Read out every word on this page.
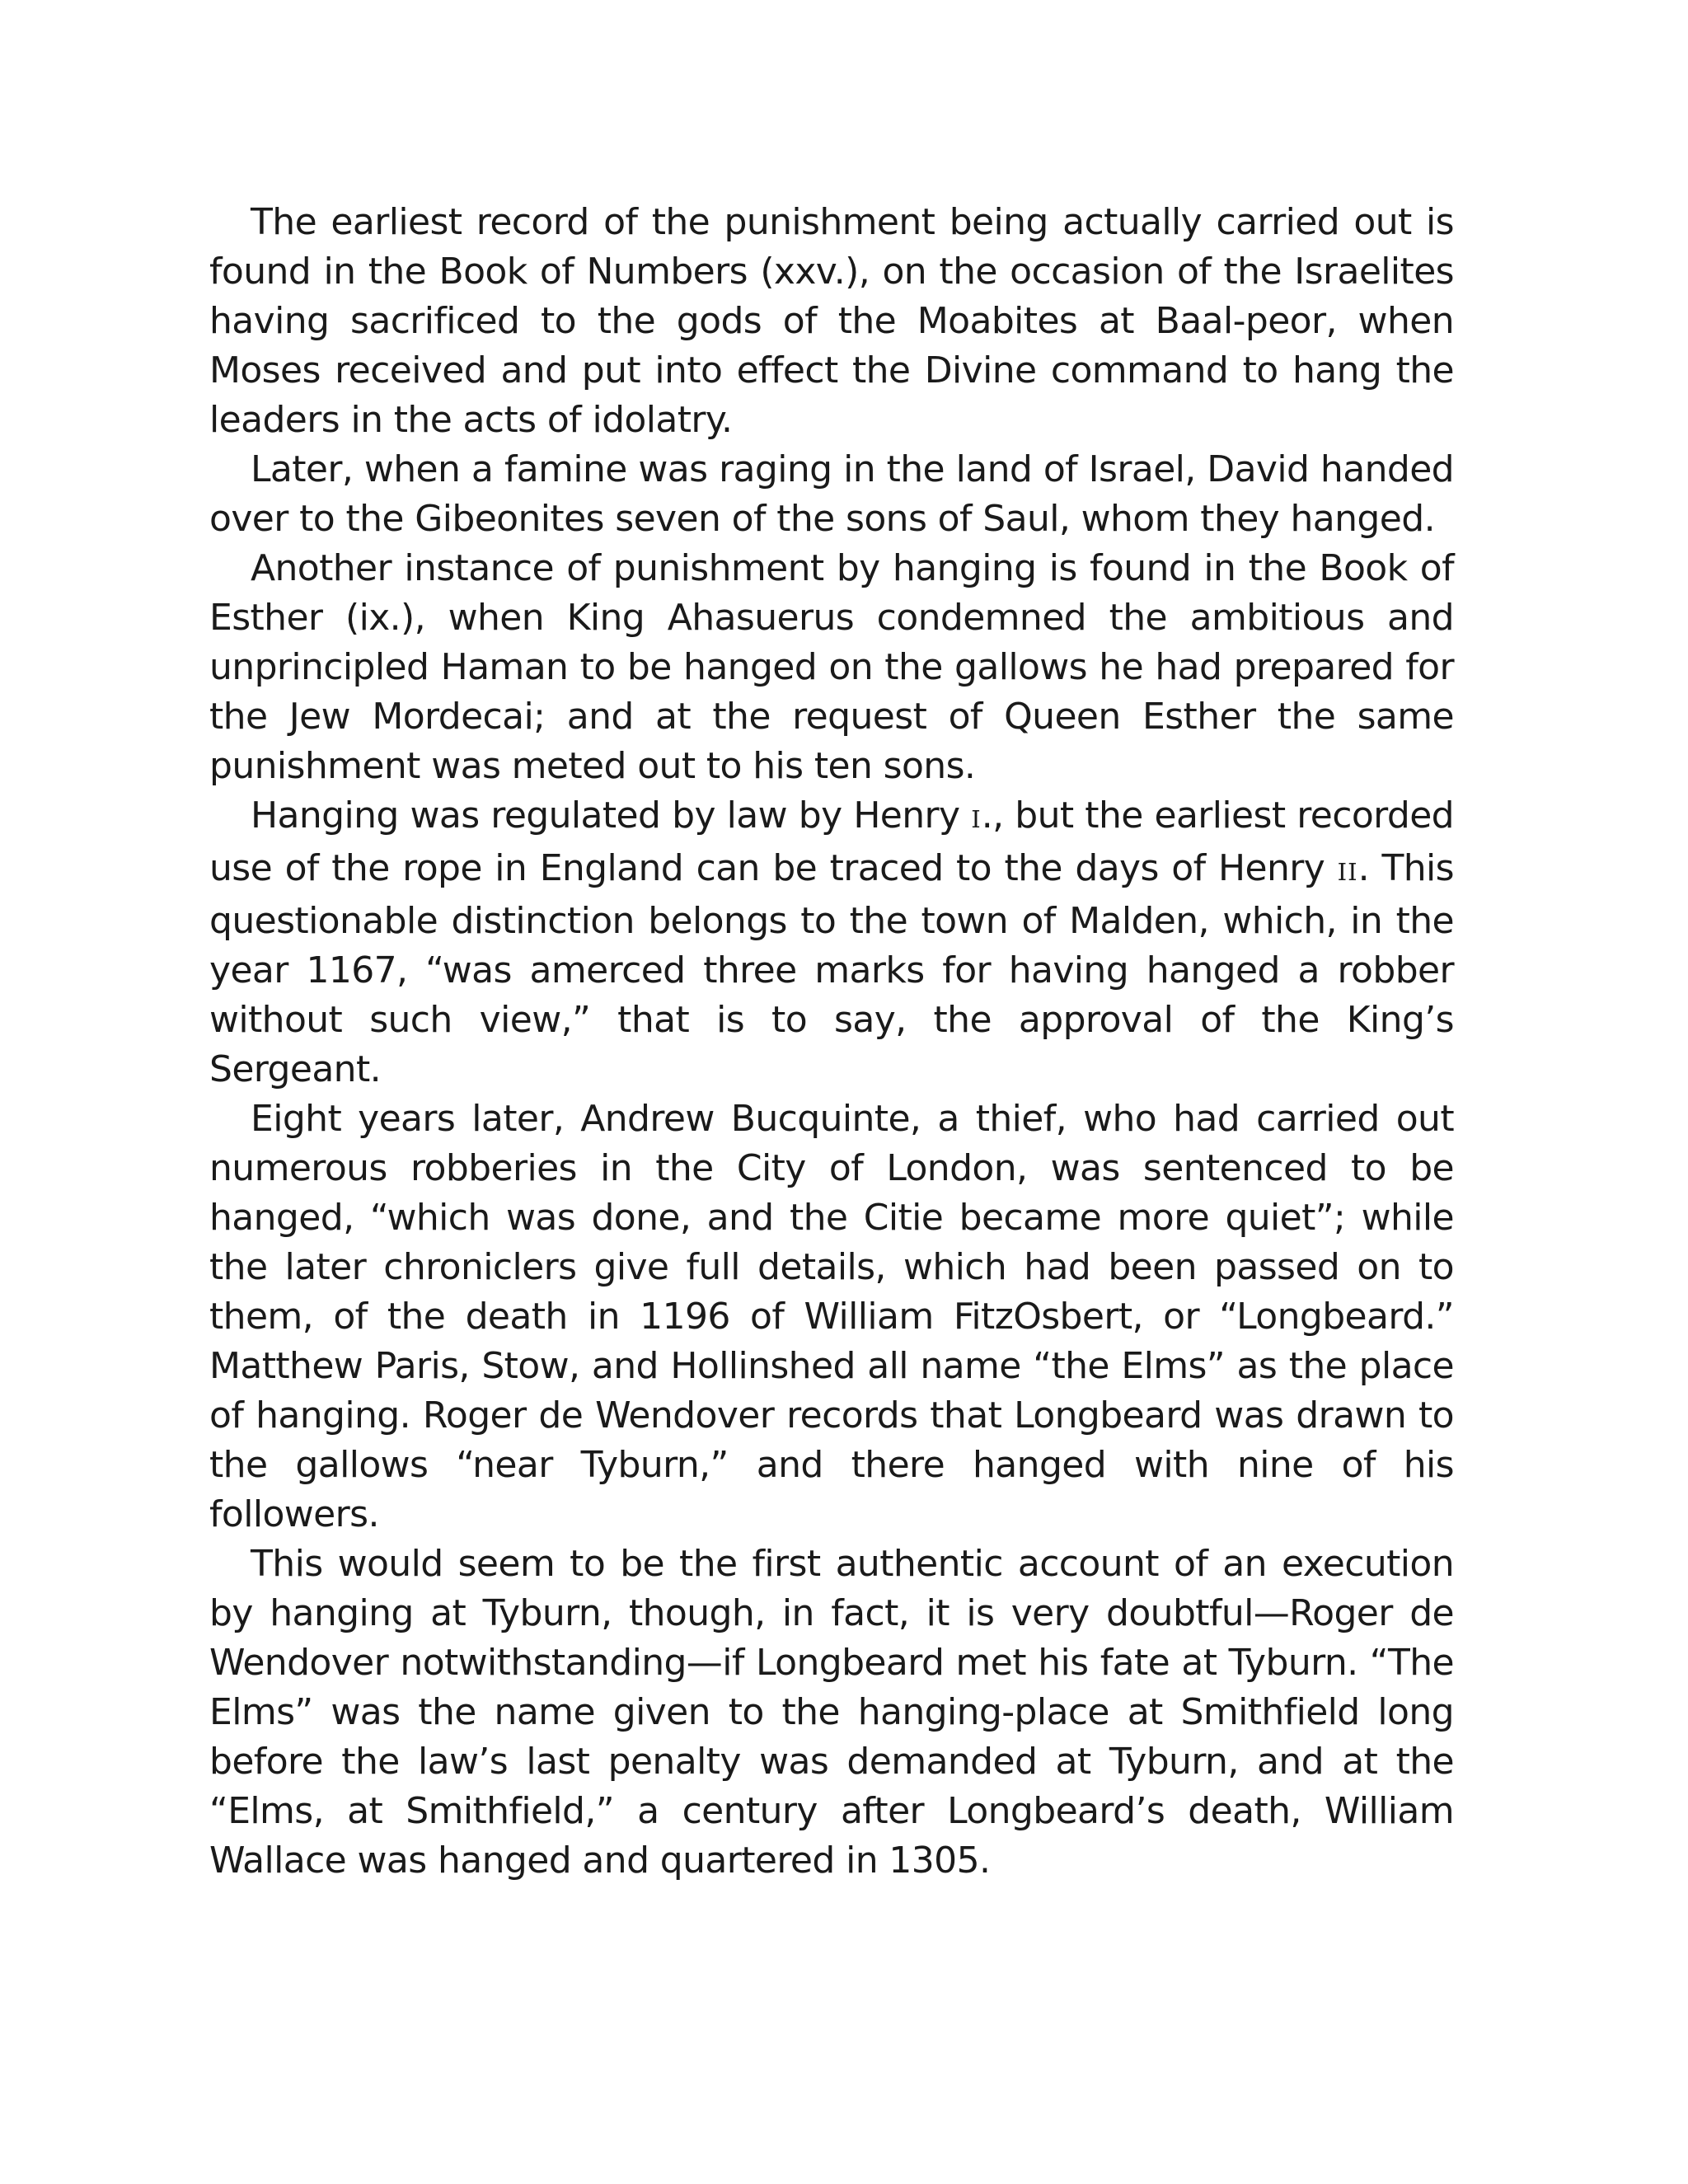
The earliest record of the punishment being actually carried out is found in the Book of Numbers (xxv.), on the occasion of the Israelites having sacrificed to the gods of the Moabites at Baal-peor, when Moses received and put into effect the Divine command to hang the leaders in the acts of idolatry.

Later, when a famine was raging in the land of Israel, David handed over to the Gibeonites seven of the sons of Saul, whom they hanged.

Another instance of punishment by hanging is found in the Book of Esther (ix.), when King Ahasuerus condemned the ambitious and unprincipled Haman to be hanged on the gallows he had prepared for the Jew Mordecai; and at the request of Queen Esther the same punishment was meted out to his ten sons.

Hanging was regulated by law by Henry I., but the earliest recorded use of the rope in England can be traced to the days of Henry II. This questionable distinction belongs to the town of Malden, which, in the year 1167, “was amerced three marks for having hanged a robber without such view,” that is to say, the approval of the King’s Sergeant.

Eight years later, Andrew Bucquinte, a thief, who had carried out numerous robberies in the City of London, was sentenced to be hanged, “which was done, and the Citie became more quiet”; while the later chroniclers give full details, which had been passed on to them, of the death in 1196 of William FitzOsbert, or “Longbeard.” Matthew Paris, Stow, and Hollinshed all name “the Elms” as the place of hanging. Roger de Wendover records that Longbeard was drawn to the gallows “near Tyburn,” and there hanged with nine of his followers.

This would seem to be the first authentic account of an execution by hanging at Tyburn, though, in fact, it is very doubtful—Roger de Wendover notwithstanding—if Longbeard met his fate at Tyburn. “The Elms” was the name given to the hanging-place at Smithfield long before the law’s last penalty was demanded at Tyburn, and at the “Elms, at Smithfield,” a century after Longbeard’s death, William Wallace was hanged and quartered in 1305.
